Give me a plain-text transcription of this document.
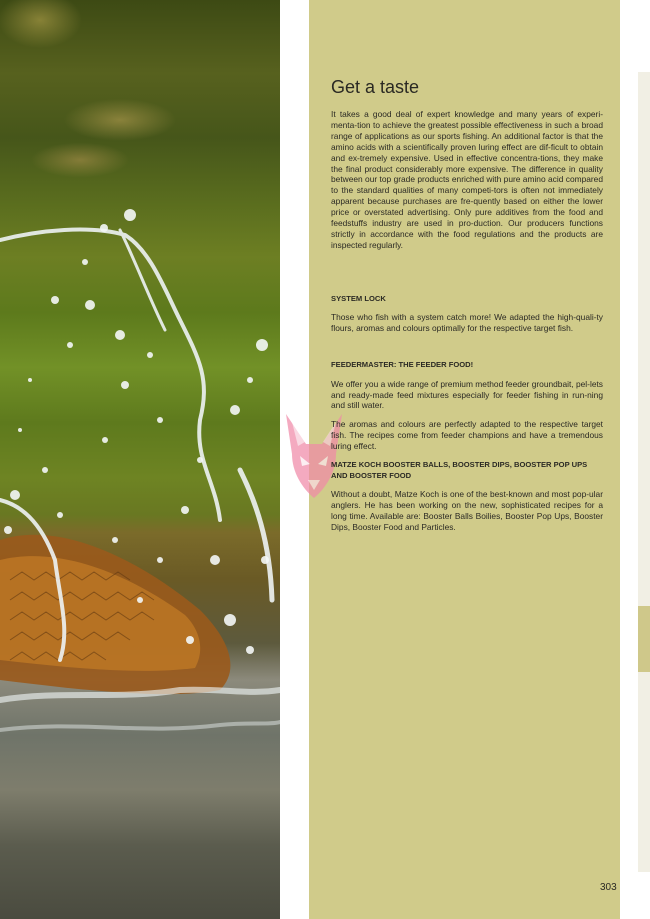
Get a taste

It takes a good deal of expert knowledge and many years of experi-menta-tion to achieve the greatest possible effectiveness in such a broad range of applications as our sports fishing. An additional factor is that the amino acids with a scientifically proven luring effect are dif-ficult to obtain and ex-tremely expensive. Used in effective concentra-tions, they make the final product considerably more expensive. The difference in quality between our top grade products enriched with pure amino acid compared to the standard qualities of many competi-tors is often not immediately apparent because purchases are fre-quently based on either the lower price or overstated advertising. Only pure additives from the food and feedstuffs industry are used in pro-duction. Our producers functions strictly in accordance with the food regulations and the products are inspected regularly.

SYSTEM LOCK

Those who fish with a system catch more! We adapted the high-quali-ty flours, aromas and colours optimally for the respective target fish.

FEEDERMASTER: THE FEEDER FOOD!

We offer you a wide range of premium method feeder groundbait, pel-lets and ready-made feed mixtures especially for feeder fishing in run-ning and still water.

The aromas and colours are perfectly adapted to the respective target fish. The recipes come from feeder champions and have a tremendous luring effect.

MATZE KOCH BOOSTER BALLS, BOOSTER DIPS, BOOSTER POP UPS AND BOOSTER FOOD

Without a doubt, Matze Koch is one of the best-known and most pop-ular anglers. He has been working on the new, sophisticated recipes for a long time. Available are: Booster Balls Boilies, Booster Pop Ups, Booster Dips, Booster Food and Particles.

303
